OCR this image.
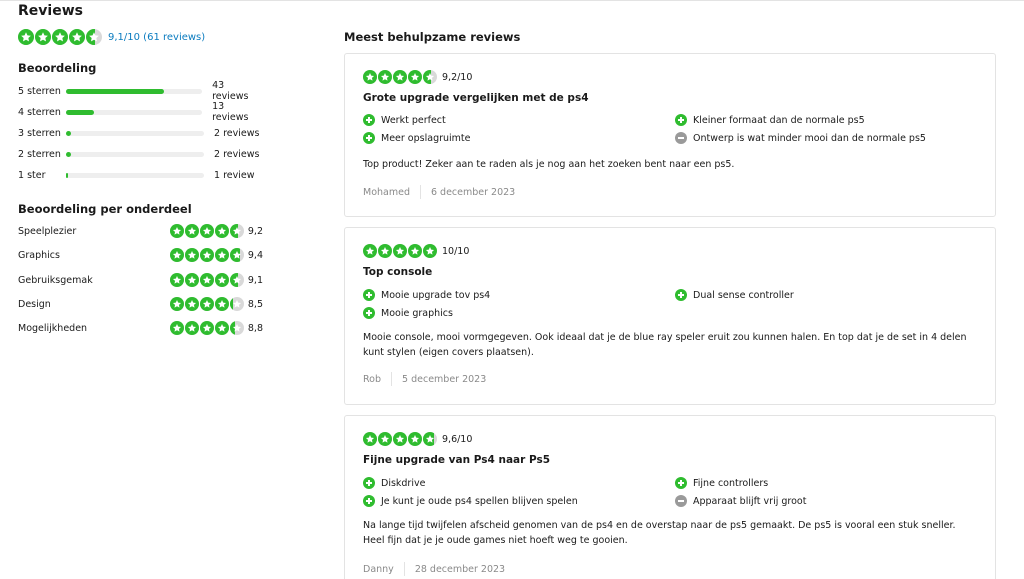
Reviews
9,1/10 (61 reviews)
Beoordeling
5 sterren	43 reviews
4 sterren	13 reviews
3 sterren	2 reviews
2 sterren	2 reviews
1 ster	1 review
Beoordeling per onderdeel
Speelplezier	9,2
Graphics	9,4
Gebruiksgemak	9,1
Design	8,5
Mogelijkheden	8,8
Meest behulpzame reviews
9,2/10
Grote upgrade vergelijken met de ps4
Werkt perfect
Meer opslagruimte
Kleiner formaat dan de normale ps5
Ontwerp is wat minder mooi dan de normale ps5
Top product! Zeker aan te raden als je nog aan het zoeken bent naar een ps5.
Mohamed 6 december 2023
10/10
Top console
Mooie upgrade tov ps4
Mooie graphics
Dual sense controller
Mooie console, mooi vormgegeven. Ook ideaal dat je de blue ray speler eruit zou kunnen halen. En top dat je de set in 4 delen kunt stylen (eigen covers plaatsen).
Rob 5 december 2023
9,6/10
Fijne upgrade van Ps4 naar Ps5
Diskdrive
Je kunt je oude ps4 spellen blijven spelen
Fijne controllers
Apparaat blijft vrij groot
Na lange tijd twijfelen afscheid genomen van de ps4 en de overstap naar de ps5 gemaakt. De ps5 is vooral een stuk sneller. Heel fijn dat je je oude games niet hoeft weg te gooien.
Danny 28 december 2023
